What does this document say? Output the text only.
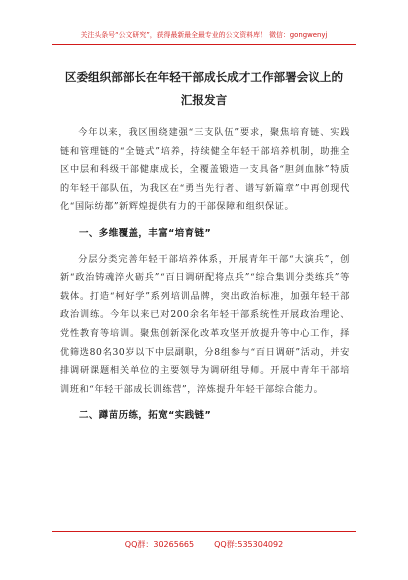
关注头条号“公文研究”，获得最新最全最专业的公文资料库！ 微信：gongwenyj
区委组织部部长在年轻干部成长成才工作部署会议上的汇报发言

今年以来，我区围绕建强“三支队伍”要求，聚焦培育链、实践链和管理链的“全链式”培养，持续健全年轻干部培养机制，助推全区中层和科级干部健康成长，全覆盖锻造一支具备“胆剑血脉”特质的年轻干部队伍，为我区在“勇当先行者、谱写新篇章”中再创现代化“国际纺都”新辉煌提供有力的干部保障和组织保证。

一、多维覆盖，丰富“培育链”

分层分类完善年轻干部培养体系，开展青年干部“大演兵”，创新“政治铸魂淬火砺兵”“百日调研配将点兵”“综合集训分类练兵”等载体。打造“柯好学”系列培训品牌，突出政治标准，加强年轻干部政治训练。今年以来已对200余名年轻干部系统性开展政治理论、党性教育等培训。聚焦创新深化改革攻坚开放提升等中心工作，择优筛选80名30岁以下中层副职，分8组参与“百日调研”活动，并安排调研课题相关单位的主要领导为调研组导师。开展中青年干部培训班和“年轻干部成长训练营”，淬炼提升年轻干部综合能力。

二、蹲苗历练，拓宽“实践链”

QQ群：30265665	QQ群:535304092
